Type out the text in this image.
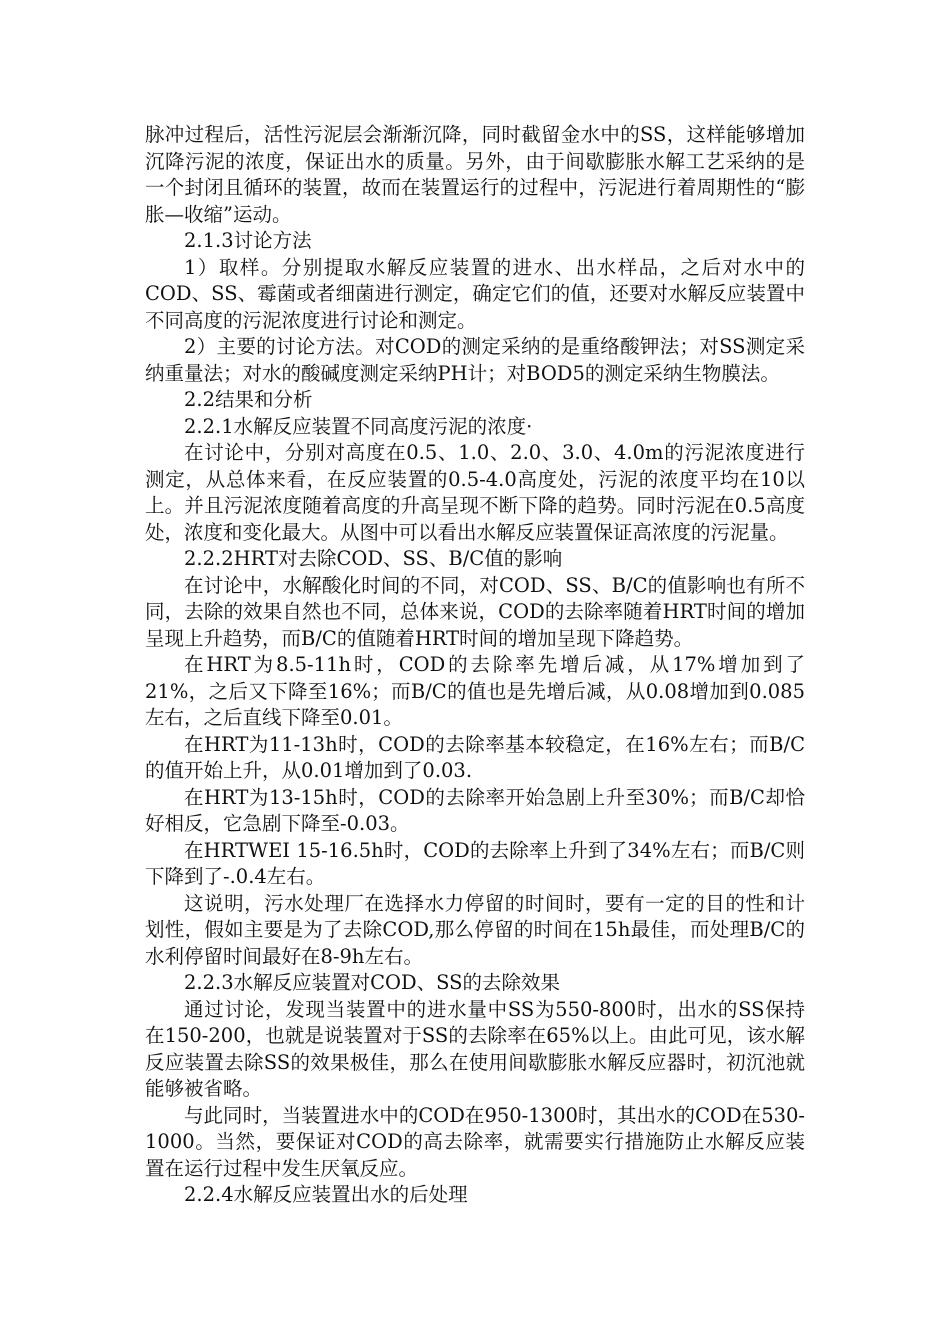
脉冲过程后，活性污泥层会渐渐沉降，同时截留金水中的SS，这样能够增加沉降污泥的浓度，保证出水的质量。另外，由于间歇膨胀水解工艺采纳的是一个封闭且循环的装置，故而在装置运行的过程中，污泥进行着周期性的“膨胀—收缩”运动。

2.1.3讨论方法

1）取样。分别提取水解反应装置的进水、出水样品，之后对水中的COD、SS、霉菌或者细菌进行测定，确定它们的值，还要对水解反应装置中不同高度的污泥浓度进行讨论和测定。

2）主要的讨论方法。对COD的测定采纳的是重络酸钾法；对SS测定采纳重量法；对水的酸碱度测定采纳PH计；对BOD5的测定采纳生物膜法。

2.2结果和分析

2.2.1水解反应装置不同高度污泥的浓度·

在讨论中，分别对高度在0.5、1.0、2.0、3.0、4.0m的污泥浓度进行测定，从总体来看，在反应装置的0.5-4.0高度处，污泥的浓度平均在10以上。并且污泥浓度随着高度的升高呈现不断下降的趋势。同时污泥在0.5高度处，浓度和变化最大。从图中可以看出水解反应装置保证高浓度的污泥量。

2.2.2HRT对去除COD、SS、B/C值的影响

在讨论中，水解酸化时间的不同，对COD、SS、B/C的值影响也有所不同，去除的效果自然也不同，总体来说，COD的去除率随着HRT时间的增加呈现上升趋势，而B/C的值随着HRT时间的增加呈现下降趋势。

在HRT为8.5-11h时，COD的去除率先增后减，从17%增加到了21%，之后又下降至16%；而B/C的值也是先增后减，从0.08增加到0.085左右，之后直线下降至0.01。

在HRT为11-13h时，COD的去除率基本较稳定，在16%左右；而B/C的值开始上升，从0.01增加到了0.03.

在HRT为13-15h时，COD的去除率开始急剧上升至30%；而B/C却恰好相反，它急剧下降至-0.03。

在HRTWEI 15-16.5h时，COD的去除率上升到了34%左右；而B/C则下降到了-.0.4左右。

这说明，污水处理厂在选择水力停留的时间时，要有一定的目的性和计划性，假如主要是为了去除COD,那么停留的时间在15h最佳，而处理B/C的水利停留时间最好在8-9h左右。

2.2.3水解反应装置对COD、SS的去除效果

通过讨论，发现当装置中的进水量中SS为550-800时，出水的SS保持在150-200，也就是说装置对于SS的去除率在65%以上。由此可见，该水解反应装置去除SS的效果极佳，那么在使用间歇膨胀水解反应器时，初沉池就能够被省略。

与此同时，当装置进水中的COD在950-1300时，其出水的COD在530-1000。当然，要保证对COD的高去除率，就需要实行措施防止水解反应装置在运行过程中发生厌氧反应。

2.2.4水解反应装置出水的后处理
